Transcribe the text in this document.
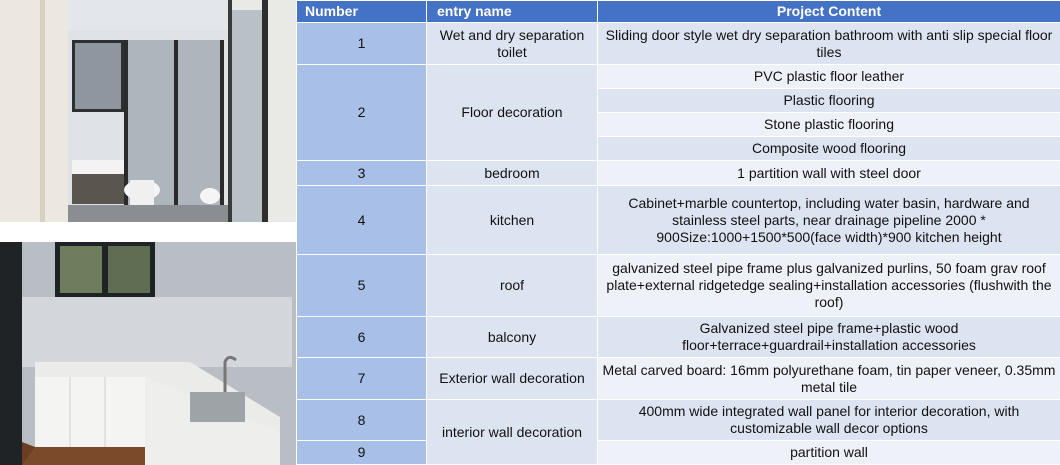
Number	entry name	Project Content
1	Wet and dry separation toilet	Sliding door style wet dry separation bathroom with anti slip special floor tiles
2	Floor decoration	PVC plastic floor leather
		Plastic flooring
		Stone plastic flooring
		Composite wood flooring
3	bedroom	1 partition wall with steel door
4	kitchen	Cabinet+marble countertop, including water basin, hardware and stainless steel parts, near drainage pipeline 2000 * 900Size:1000+1500*500(face width)*900 kitchen height
5	roof	galvanized steel pipe frame plus galvanized purlins, 50 foam grav roof plate+external ridgetedge sealing+installation accessories (flushwith the roof)
6	balcony	Galvanized steel pipe frame+plastic wood floor+terrace+guardrail+installation accessories
7	Exterior wall decoration	Metal carved board: 16mm polyurethane foam, tin paper veneer, 0.35mm metal tile
8	interior wall decoration	400mm wide integrated wall panel for interior decoration, with customizable wall decor options
9		partition wall
